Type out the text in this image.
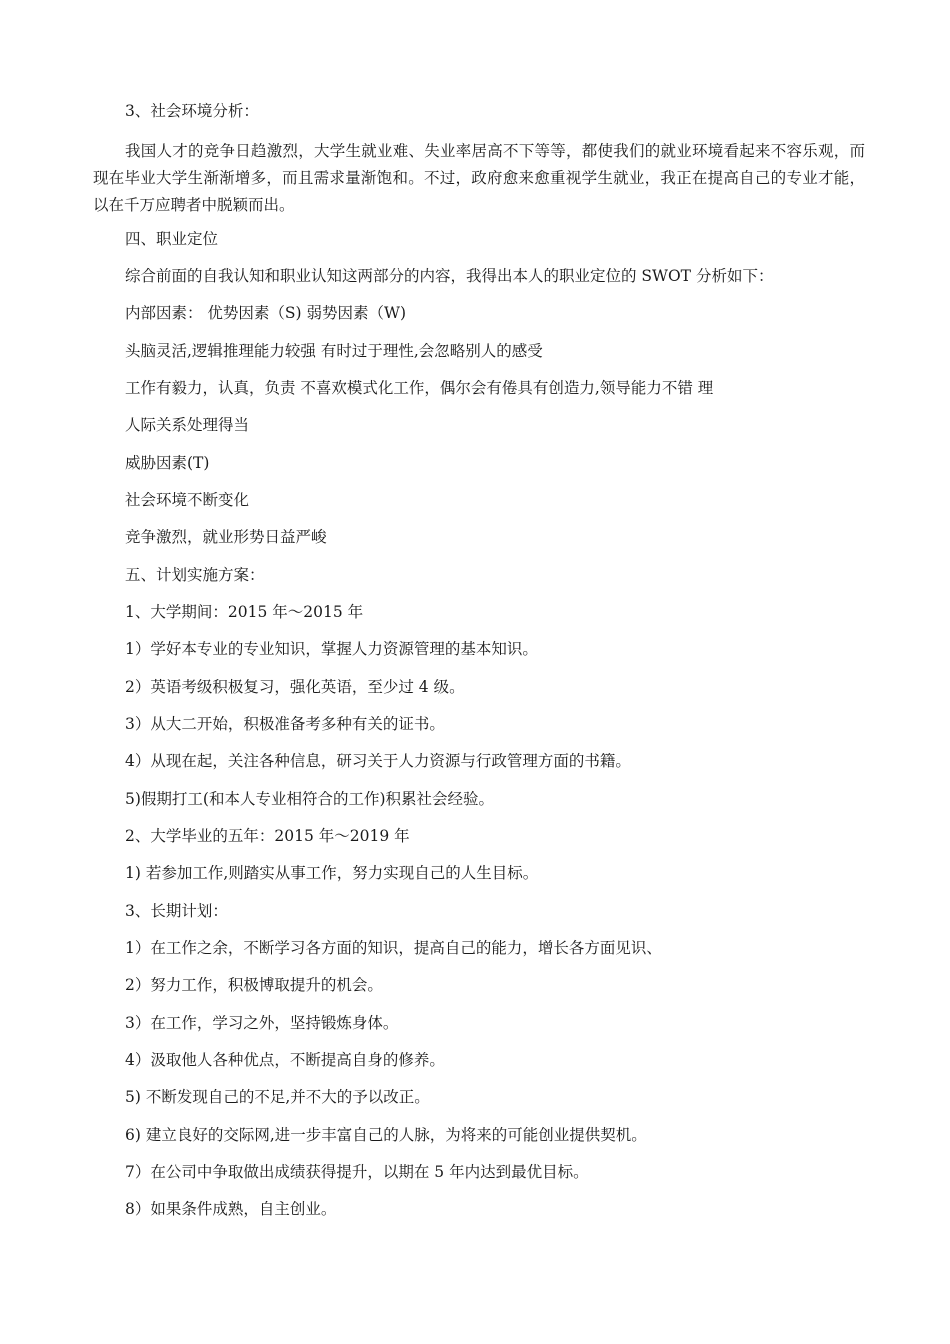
3、社会环境分析：

我国人才的竞争日趋激烈，大学生就业难、失业率居高不下等等，都使我们的就业环境看起来不容乐观，而现在毕业大学生渐渐增多，而且需求量渐饱和。不过，政府愈来愈重视学生就业，我正在提高自己的专业才能，以在千万应聘者中脱颖而出。

四、职业定位

综合前面的自我认知和职业认知这两部分的内容，我得出本人的职业定位的 SWOT 分析如下：

内部因素： 优势因素（S) 弱势因素（W)

头脑灵活,逻辑推理能力较强 有时过于理性,会忽略别人的感受

工作有毅力，认真，负责 不喜欢模式化工作，偶尔会有倦具有创造力,领导能力不错 理

人际关系处理得当

威胁因素(T)

社会环境不断变化

竞争激烈，就业形势日益严峻

五、计划实施方案：

1、大学期间：2015 年～2015 年

1）学好本专业的专业知识，掌握人力资源管理的基本知识。

2）英语考级积极复习，强化英语，至少过 4 级。

3）从大二开始，积极准备考多种有关的证书。

4）从现在起，关注各种信息，研习关于人力资源与行政管理方面的书籍。

5)假期打工(和本人专业相符合的工作)积累社会经验。

2、大学毕业的五年：2015 年～2019 年

1) 若参加工作,则踏实从事工作，努力实现自己的人生目标。

3、长期计划：

1）在工作之余，不断学习各方面的知识，提高自己的能力，增长各方面见识、

2）努力工作，积极博取提升的机会。

3）在工作，学习之外，坚持锻炼身体。

4）汲取他人各种优点，不断提高自身的修养。

5) 不断发现自己的不足,并不大的予以改正。

6) 建立良好的交际网,进一步丰富自己的人脉，为将来的可能创业提供契机。

7）在公司中争取做出成绩获得提升，以期在 5 年内达到最优目标。

8）如果条件成熟，自主创业。
